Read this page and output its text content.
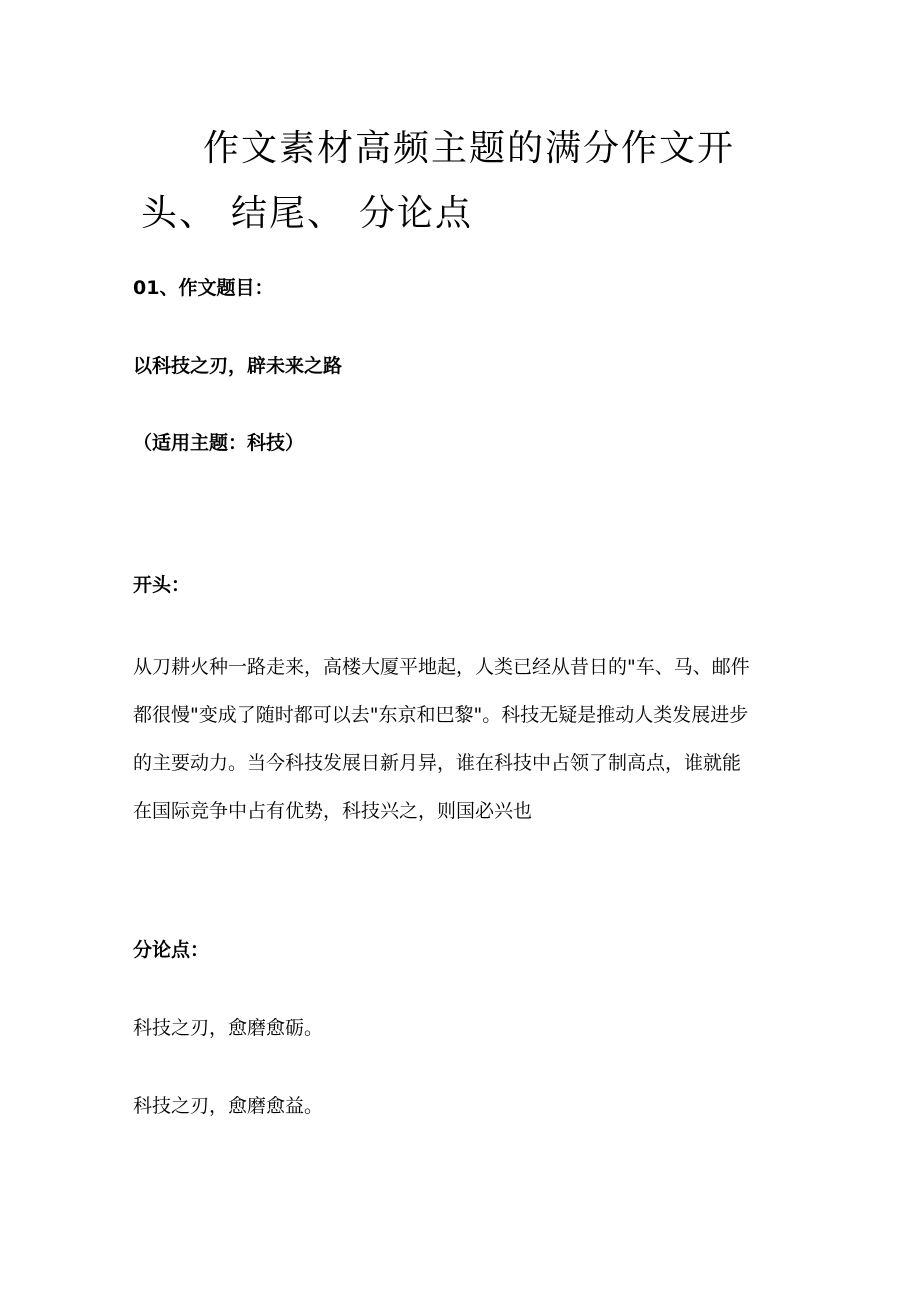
作文素材高频主题的满分作文开
头、 结尾、 分论点

01、作文题目：

以科技之刃，辟未来之路

（适用主题：科技）

开头：

从刀耕火种一路走来，高楼大厦平地起，人类已经从昔日的"车、马、邮件
都很慢"变成了随时都可以去"东京和巴黎"。科技无疑是推动人类发展进步
的主要动力。当今科技发展日新月异，谁在科技中占领了制高点，谁就能
在国际竞争中占有优势，科技兴之，则国必兴也

分论点：

科技之刃，愈磨愈砺。

科技之刃，愈磨愈益。
